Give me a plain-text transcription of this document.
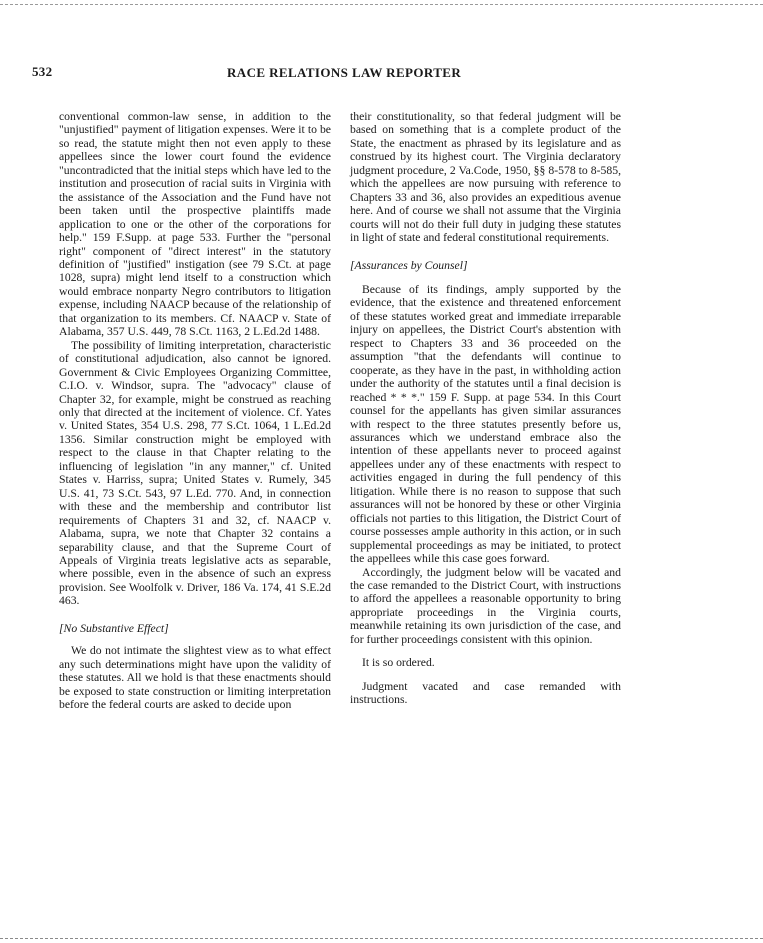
532	RACE RELATIONS LAW REPORTER

conventional common-law sense, in addition to the "unjustified" payment of litigation expenses. Were it to be so read, the statute might then not even apply to these appellees since the lower court found the evidence "uncontradicted that the initial steps which have led to the institution and prosecution of racial suits in Virginia with the assistance of the Association and the Fund have not been taken until the prospective plaintiffs made application to one or the other of the corporations for help." 159 F.Supp. at page 533. Further the "personal right" component of "direct interest" in the statutory definition of "justified" instigation (see 79 S.Ct. at page 1028, supra) might lend itself to a construction which would embrace nonparty Negro contributors to litigation expense, including NAACP because of the relationship of that organization to its members. Cf. NAACP v. State of Alabama, 357 U.S. 449, 78 S.Ct. 1163, 2 L.Ed.2d 1488.

The possibility of limiting interpretation, characteristic of constitutional adjudication, also cannot be ignored. Government & Civic Employees Organizing Committee, C.I.O. v. Windsor, supra. The "advocacy" clause of Chapter 32, for example, might be construed as reaching only that directed at the incitement of violence. Cf. Yates v. United States, 354 U.S. 298, 77 S.Ct. 1064, 1 L.Ed.2d 1356. Similar construction might be employed with respect to the clause in that Chapter relating to the influencing of legislation "in any manner," cf. United States v. Harriss, supra; United States v. Rumely, 345 U.S. 41, 73 S.Ct. 543, 97 L.Ed. 770. And, in connection with these and the membership and contributor list requirements of Chapters 31 and 32, cf. NAACP v. Alabama, supra, we note that Chapter 32 contains a separability clause, and that the Supreme Court of Appeals of Virginia treats legislative acts as separable, where possible, even in the absence of such an express provision. See Woolfolk v. Driver, 186 Va. 174, 41 S.E.2d 463.

[No Substantive Effect]

We do not intimate the slightest view as to what effect any such determinations might have upon the validity of these statutes. All we hold is that these enactments should be exposed to state construction or limiting interpretation before the federal courts are asked to decide upon

their constitutionality, so that federal judgment will be based on something that is a complete product of the State, the enactment as phrased by its legislature and as construed by its highest court. The Virginia declaratory judgment procedure, 2 Va.Code, 1950, §§ 8-578 to 8-585, which the appellees are now pursuing with reference to Chapters 33 and 36, also provides an expeditious avenue here. And of course we shall not assume that the Virginia courts will not do their full duty in judging these statutes in light of state and federal constitutional requirements.

[Assurances by Counsel]

Because of its findings, amply supported by the evidence, that the existence and threatened enforcement of these statutes worked great and immediate irreparable injury on appellees, the District Court's abstention with respect to Chapters 33 and 36 proceeded on the assumption "that the defendants will continue to cooperate, as they have in the past, in withholding action under the authority of the statutes until a final decision is reached * * *." 159 F. Supp. at page 534. In this Court counsel for the appellants has given similar assurances with respect to the three statutes presently before us, assurances which we understand embrace also the intention of these appellants never to proceed against appellees under any of these enactments with respect to activities engaged in during the full pendency of this litigation. While there is no reason to suppose that such assurances will not be honored by these or other Virginia officials not parties to this litigation, the District Court of course possesses ample authority in this action, or in such supplemental proceedings as may be initiated, to protect the appellees while this case goes forward.

Accordingly, the judgment below will be vacated and the case remanded to the District Court, with instructions to afford the appellees a reasonable opportunity to bring appropriate proceedings in the Virginia courts, meanwhile retaining its own jurisdiction of the case, and for further proceedings consistent with this opinion.

It is so ordered.

Judgment vacated and case remanded with instructions.
